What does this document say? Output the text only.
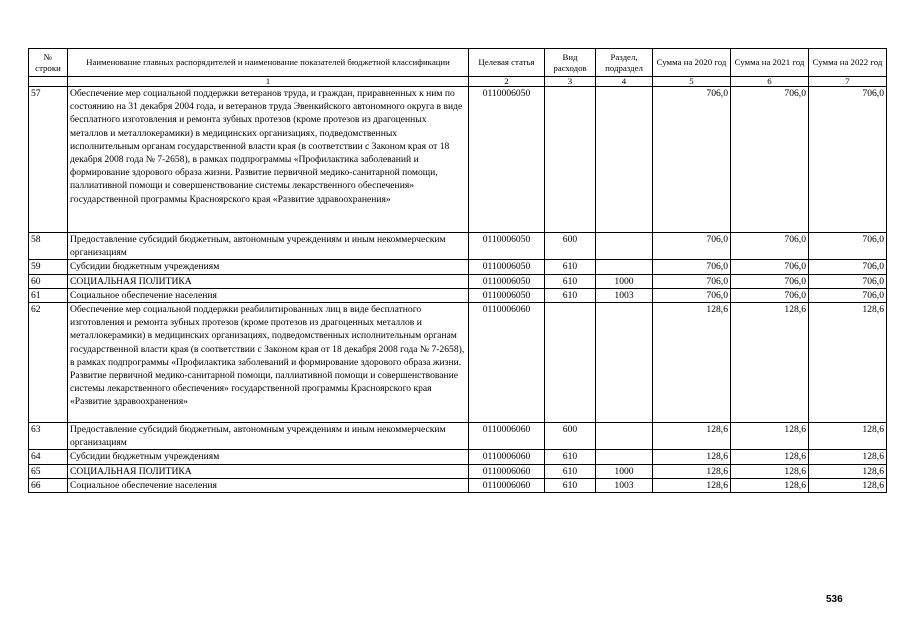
№ строки	Наименование главных распорядителей и наименование показателей бюджетной классификации	Целевая статья	Вид расходов	Раздел, подраздел	Сумма на 2020 год	Сумма на 2021 год	Сумма на 2022 год
	1	2	3	4	5	6	7
57	Обеспечение мер социальной поддержки ветеранов труда, и граждан, приравненных к ним по состоянию на 31 декабря 2004 года, и ветеранов труда Эвенкийского автономного округа в виде бесплатного изготовления и ремонта зубных протезов (кроме протезов из драгоценных металлов и металлокерамики) в медицинских организациях, подведомственных исполнительным органам государственной власти края (в соответствии с Законом края от 18 декабря 2008 года № 7-2658), в рамках подпрограммы «Профилактика заболеваний и формирование здорового образа жизни. Развитие первичной медико-санитарной помощи, паллиативной помощи и совершенствование системы лекарственного обеспечения» государственной программы Красноярского края «Развитие здравоохранения»	0110006050			706,0	706,0	706,0
58	Предоставление субсидий бюджетным, автономным учреждениям и иным некоммерческим организациям	0110006050	600		706,0	706,0	706,0
59	Субсидии бюджетным учреждениям	0110006050	610		706,0	706,0	706,0
60	СОЦИАЛЬНАЯ ПОЛИТИКА	0110006050	610	1000	706,0	706,0	706,0
61	Социальное обеспечение населения	0110006050	610	1003	706,0	706,0	706,0
62	Обеспечение мер социальной поддержки реабилитированных лиц в виде бесплатного изготовления и ремонта зубных протезов (кроме протезов из драгоценных металлов и металлокерамики) в медицинских организациях, подведомственных исполнительным органам государственной власти края (в соответствии с Законом края от 18 декабря 2008 года № 7-2658), в рамках подпрограммы «Профилактика заболеваний и формирование здорового образа жизни. Развитие первичной медико-санитарной помощи, паллиативной помощи и совершенствование системы лекарственного обеспечения» государственной программы Красноярского края «Развитие здравоохранения»	0110006060			128,6	128,6	128,6
63	Предоставление субсидий бюджетным, автономным учреждениям и иным некоммерческим организациям	0110006060	600		128,6	128,6	128,6
64	Субсидии бюджетным учреждениям	0110006060	610		128,6	128,6	128,6
65	СОЦИАЛЬНАЯ ПОЛИТИКА	0110006060	610	1000	128,6	128,6	128,6
66	Социальное обеспечение населения	0110006060	610	1003	128,6	128,6	128,6
536
